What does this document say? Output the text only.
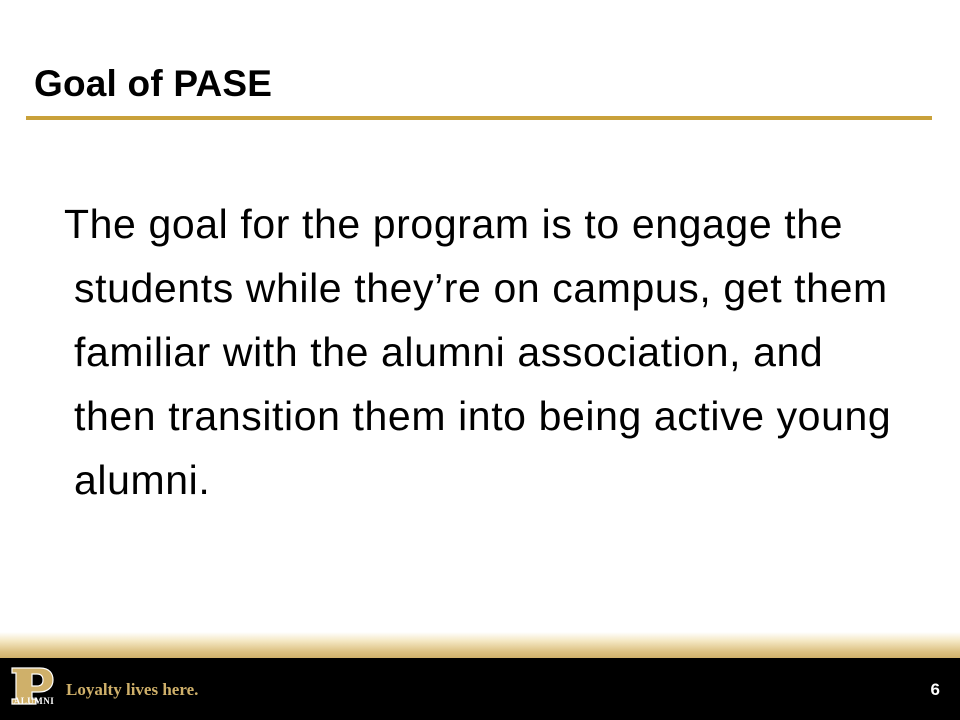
Goal of PASE

The goal for the program is to engage the students while they’re on campus, get them familiar with the alumni association, and then transition them into being active young alumni.

ALUMNI
Loyalty lives here.	6
